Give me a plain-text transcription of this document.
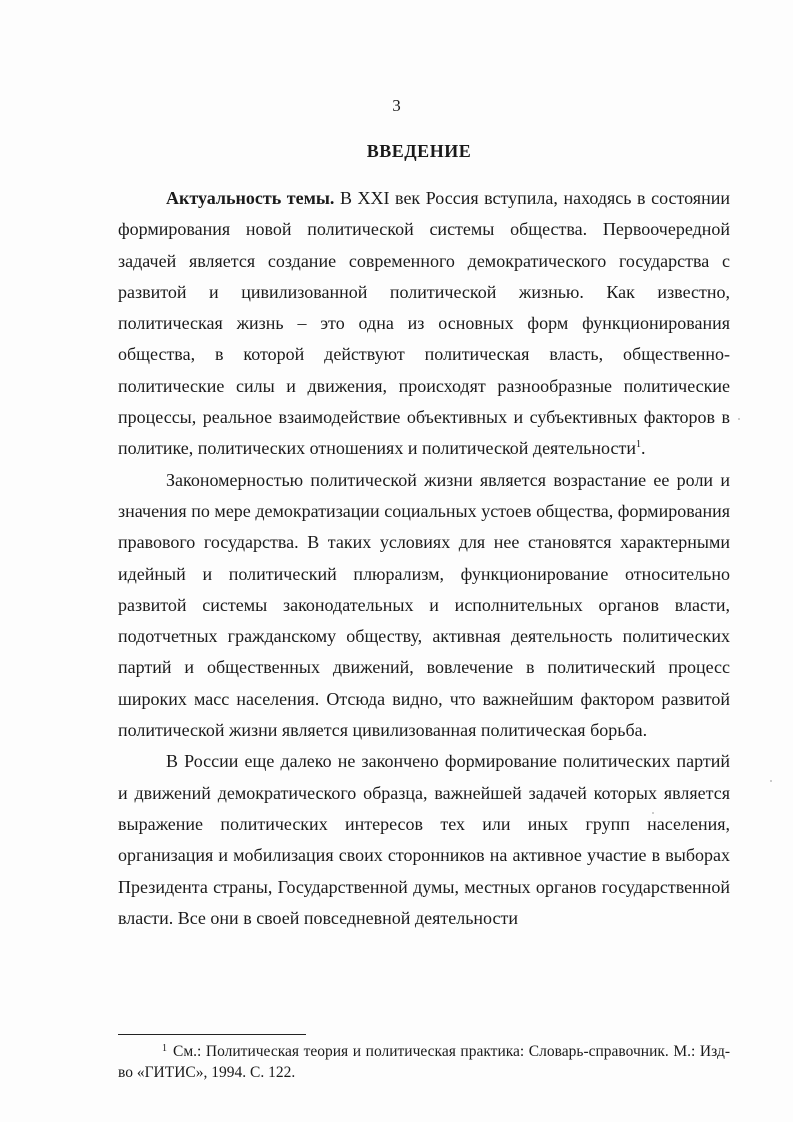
3
ВВЕДЕНИЕ

Актуальность темы. В XXI век Россия вступила, находясь в состоянии формирования новой политической системы общества. Первоочередной задачей является создание современного демократического государства с развитой и цивилизованной политической жизнью. Как известно, политическая жизнь – это одна из основных форм функционирования общества, в которой действуют политическая власть, общественно-политические силы и движения, происходят разнообразные политические процессы, реальное взаимодействие объективных и субъективных факторов в политике, политических отношениях и политической деятельности$^1$.

Закономерностью политической жизни является возрастание ее роли и значения по мере демократизации социальных устоев общества, формирования правового государства. В таких условиях для нее становятся характерными идейный и политический плюрализм, функционирование относительно развитой системы законодательных и исполнительных органов власти, подотчетных гражданскому обществу, активная деятельность политических партий и общественных движений, вовлечение в политический процесс широких масс населения. Отсюда видно, что важнейшим фактором развитой политической жизни является цивилизованная политическая борьба.

В России еще далеко не закончено формирование политических партий и движений демократического образца, важнейшей задачей которых является выражение политических интересов тех или иных групп населения, организация и мобилизация своих сторонников на активное участие в выборах Президента страны, Государственной думы, местных органов государственной власти. Все они в своей повседневной деятельности

$^1$ См.: Политическая теория и политическая практика: Словарь-справочник. М.: Изд-во «ГИТИС», 1994. С. 122.
